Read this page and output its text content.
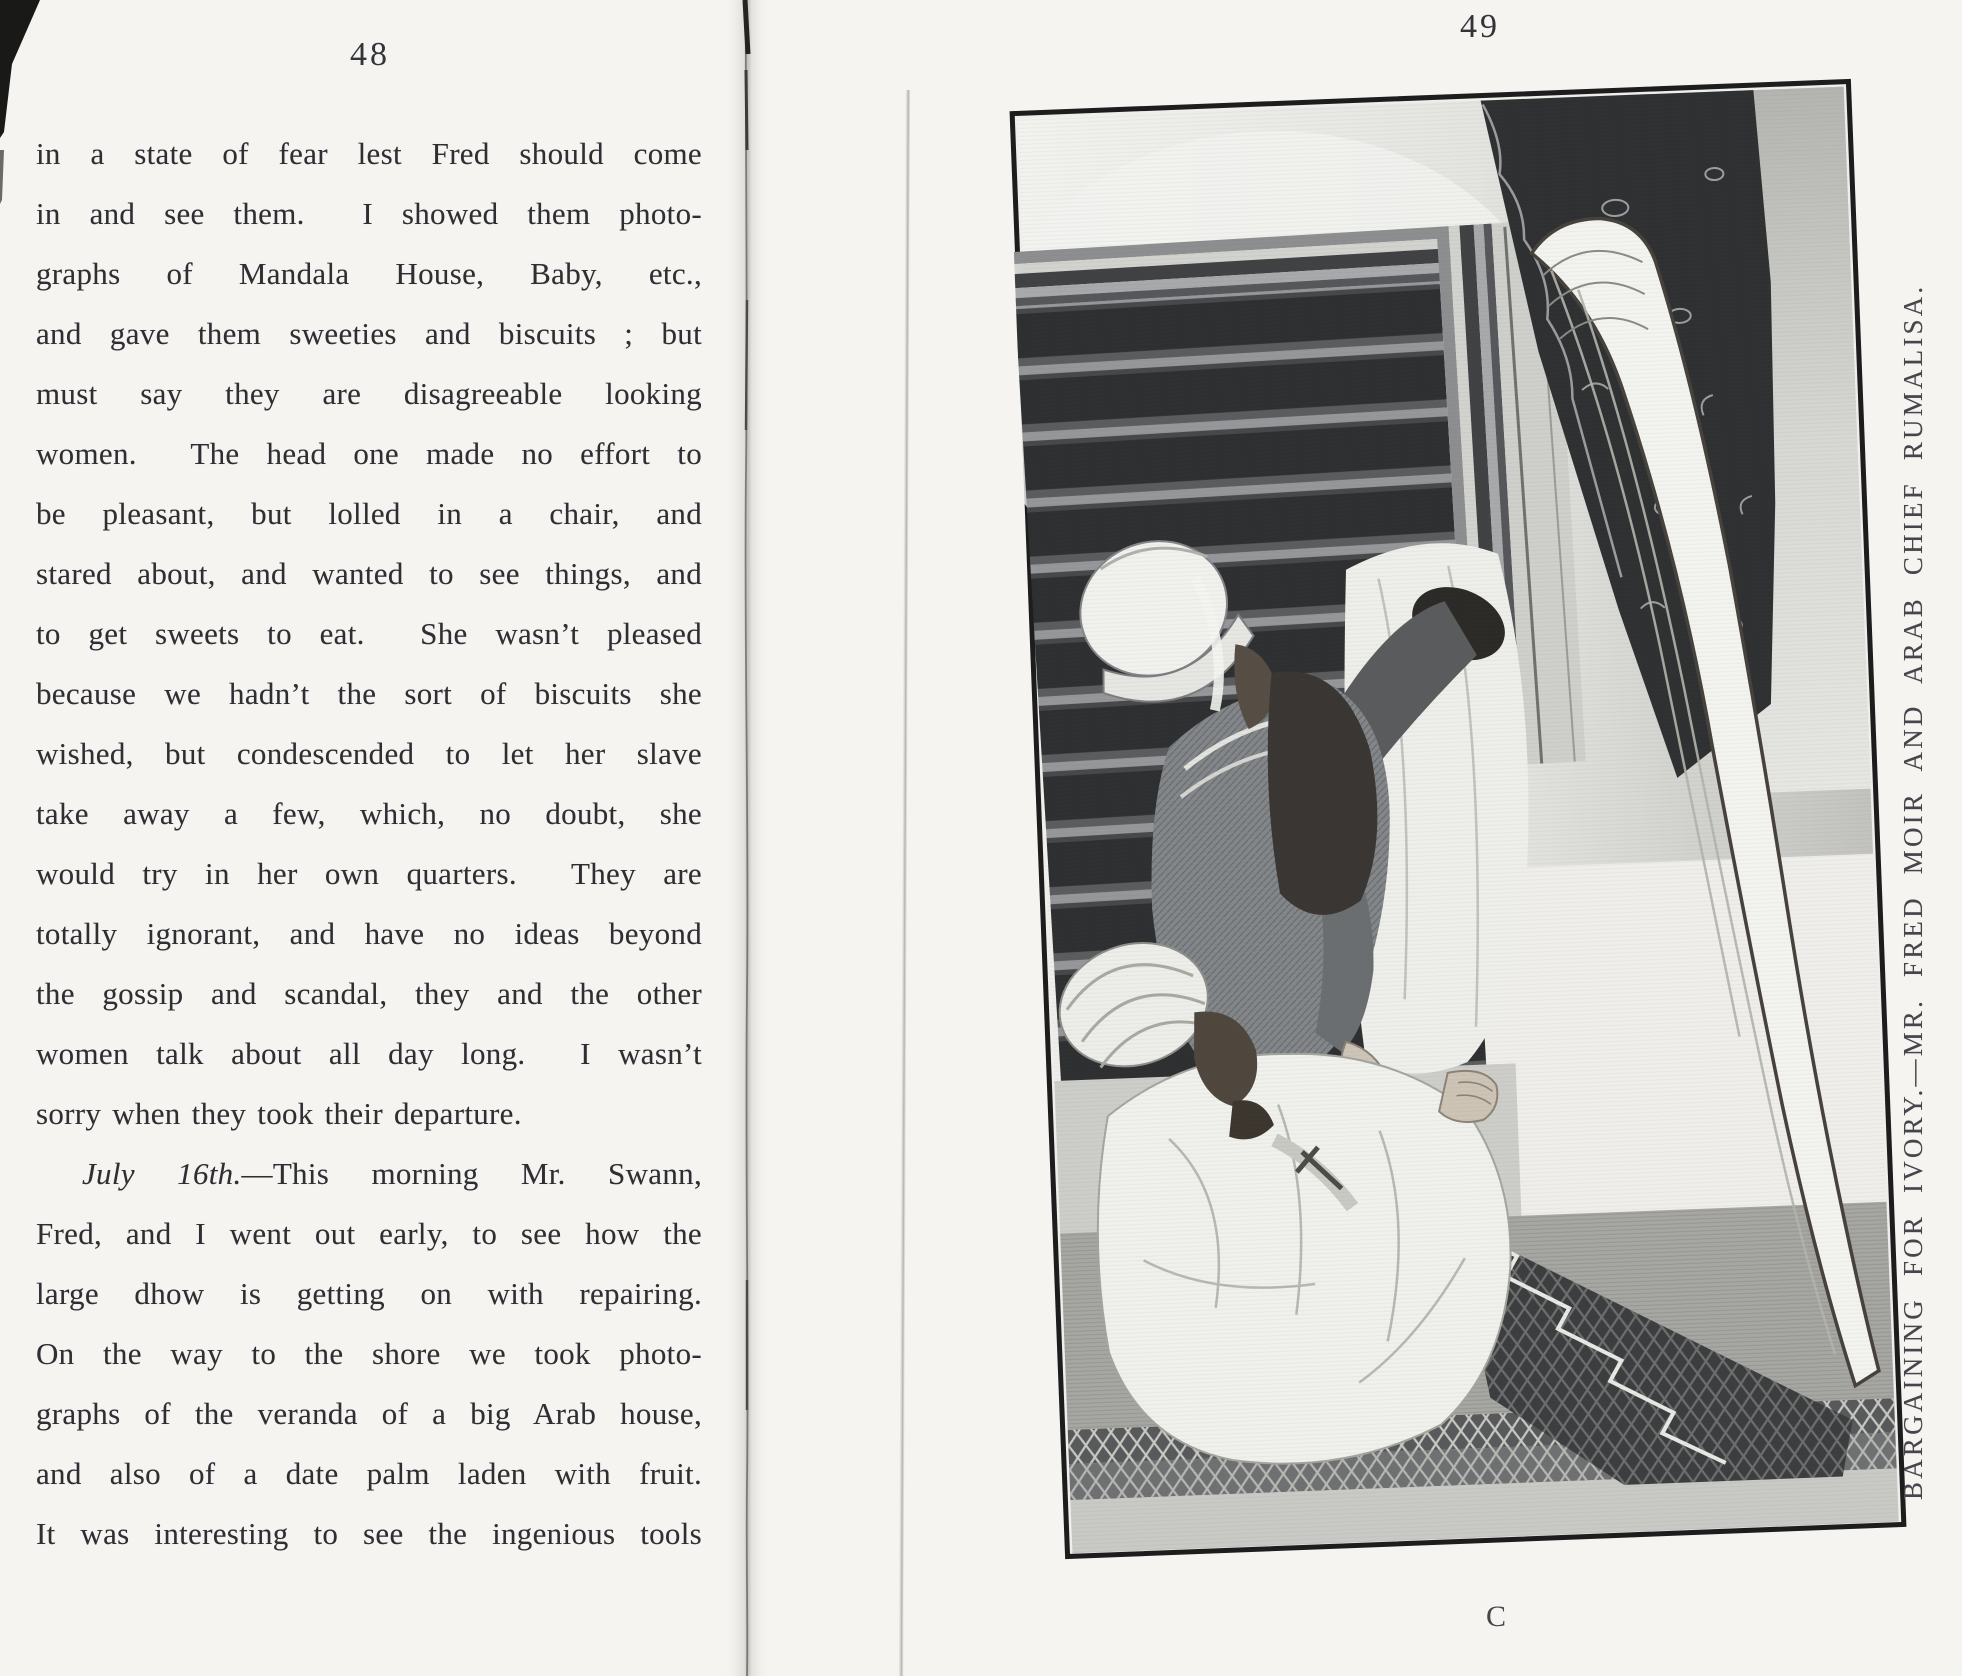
48
in a state of fear lest Fred should come
in and see them.  I showed them photo-
graphs of Mandala House, Baby, etc.,
and gave them sweeties and biscuits ; but
must say they are disagreeable looking
women.  The head one made no effort to
be pleasant, but lolled in a chair, and
stared about, and wanted to see things, and
to get sweets to eat.  She wasn’t pleased
because we hadn’t the sort of biscuits she
wished, but condescended to let her slave
take away a few, which, no doubt, she
would try in her own quarters.  They are
totally ignorant, and have no ideas beyond
the gossip and scandal, they and the other
women talk about all day long.  I wasn’t
sorry when they took their departure.
July 16th.—This morning Mr. Swann,
Fred, and I went out early, to see how the
large dhow is getting on with repairing.
On the way to the shore we took photo-
graphs of the veranda of a big Arab house,
and also of a date palm laden with fruit.
It was interesting to see the ingenious tools
49
BARGAINING FOR IVORY.—MR. FRED MOIR AND ARAB CHIEF RUMALISA.
C
